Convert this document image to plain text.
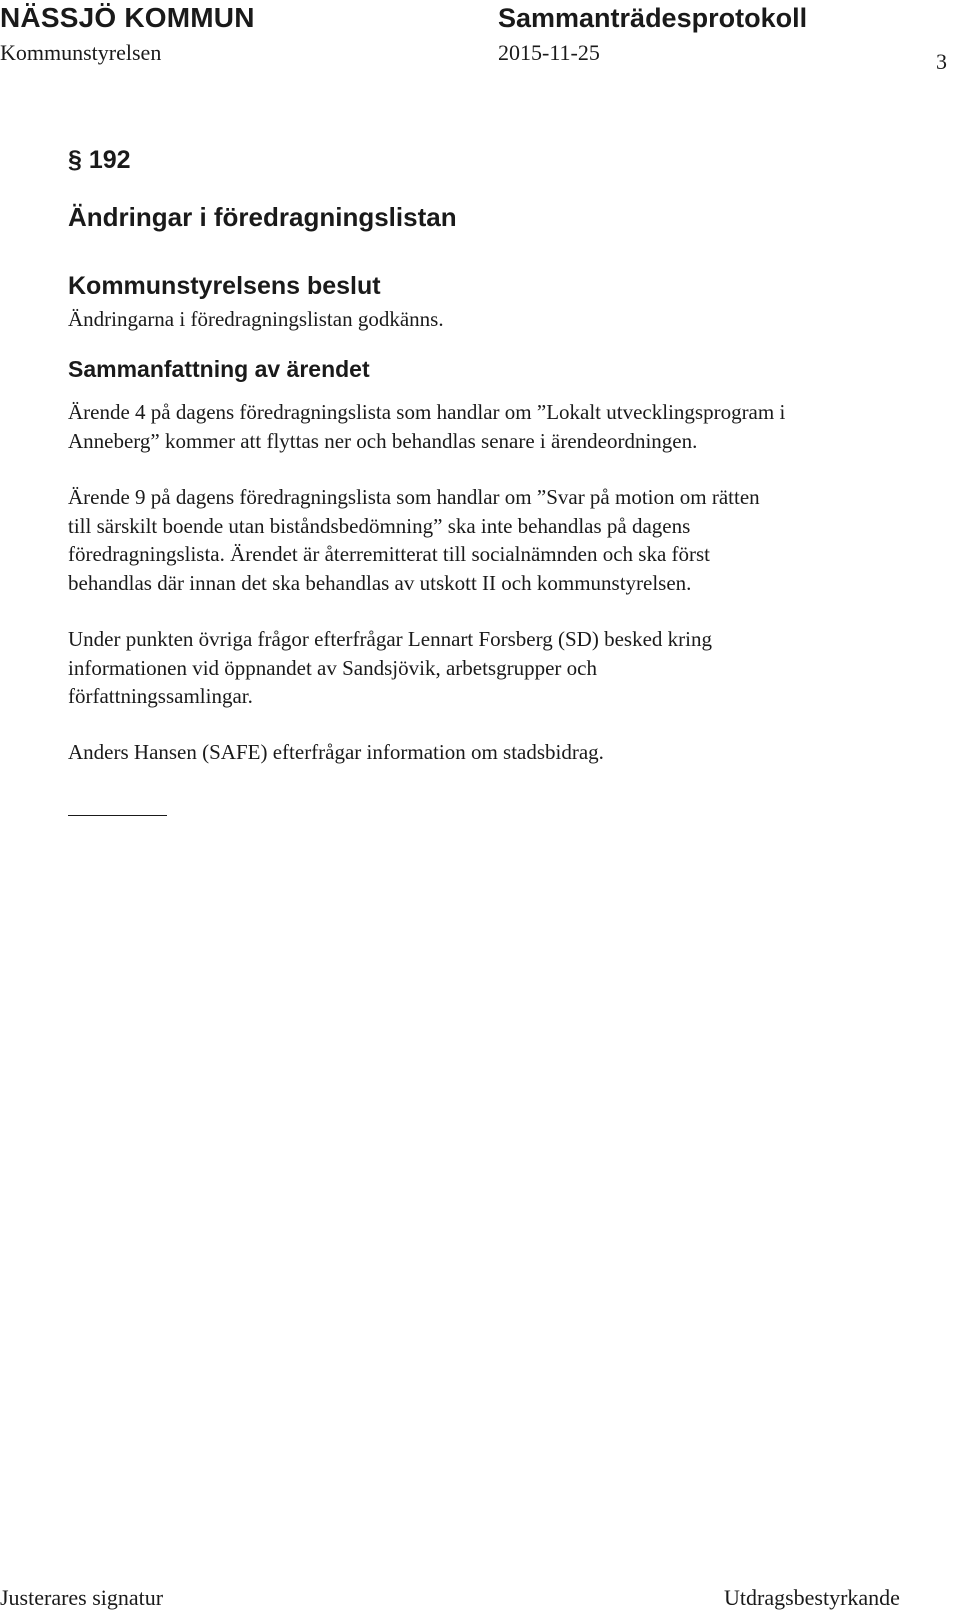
NÄSSJÖ KOMMUN	Sammanträdesprotokoll
Kommunstyrelsen	2015-11-25	3
§ 192
Ändringar i föredragningslistan
Kommunstyrelsens beslut
Ändringarna i föredragningslistan godkänns.
Sammanfattning av ärendet
Ärende 4 på dagens föredragningslista som handlar om ”Lokalt utvecklingsprogram i
Anneberg” kommer att flyttas ner och behandlas senare i ärendeordningen.
Ärende 9 på dagens föredragningslista som handlar om ”Svar på motion om rätten
till särskilt boende utan biståndsbedömning” ska inte behandlas på dagens
föredragningslista. Ärendet är återremitterat till socialnämnden och ska först
behandlas där innan det ska behandlas av utskott II och kommunstyrelsen.
Under punkten övriga frågor efterfrågar Lennart Forsberg (SD) besked kring
informationen vid öppnandet av Sandsjövik, arbetsgrupper och
författningssamlingar.
Anders Hansen (SAFE) efterfrågar information om stadsbidrag.
Justerares signatur	Utdragsbestyrkande
